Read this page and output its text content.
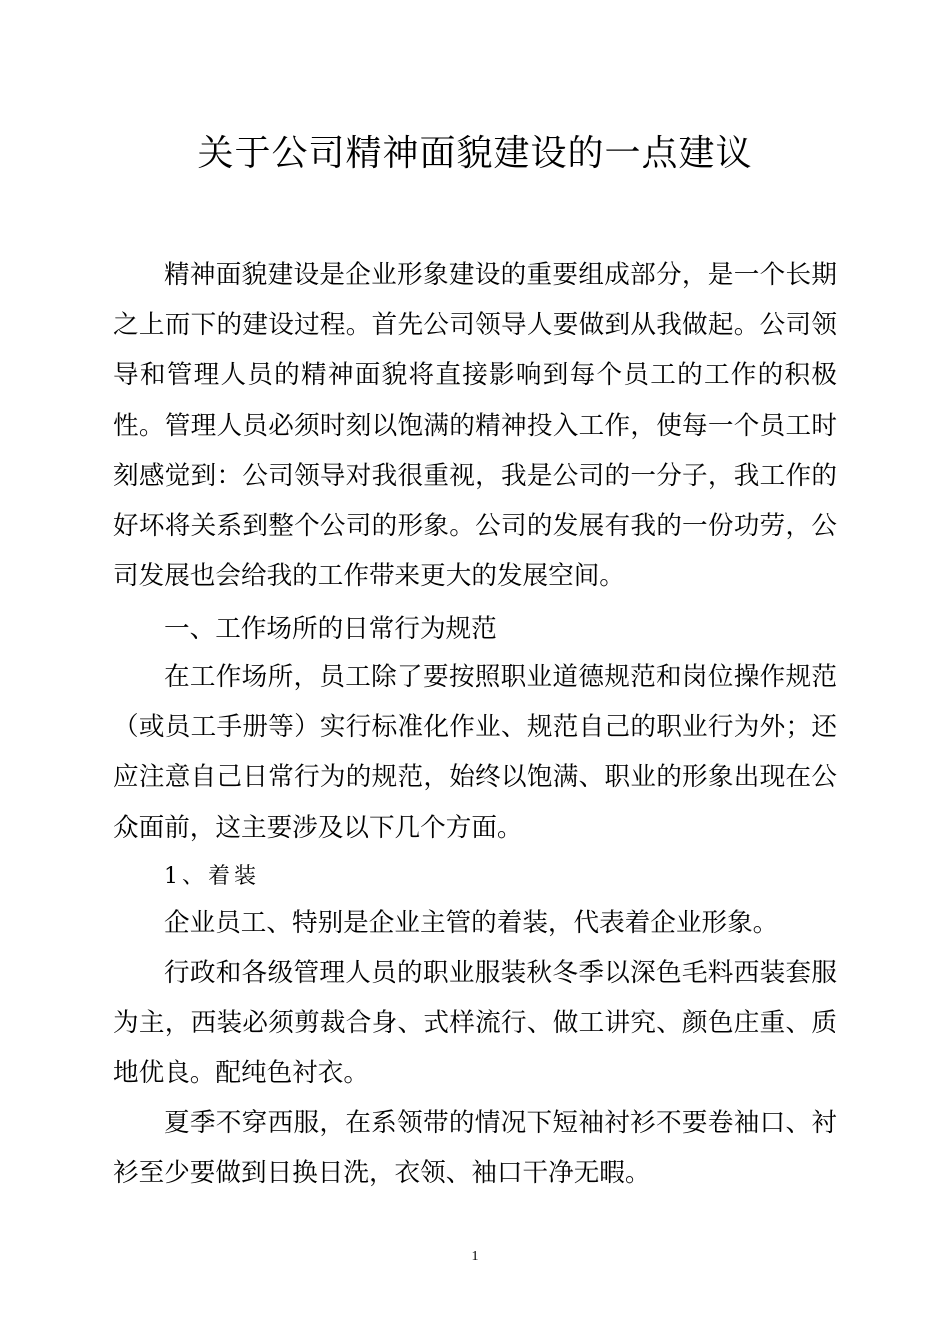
关于公司精神面貌建设的一点建议

精神面貌建设是企业形象建设的重要组成部分，是一个长期之上而下的建设过程。首先公司领导人要做到从我做起。公司领导和管理人员的精神面貌将直接影响到每个员工的工作的积极性。管理人员必须时刻以饱满的精神投入工作，使每一个员工时刻感觉到：公司领导对我很重视，我是公司的一分子，我工作的好坏将关系到整个公司的形象。公司的发展有我的一份功劳，公司发展也会给我的工作带来更大的发展空间。

一、工作场所的日常行为规范

在工作场所，员工除了要按照职业道德规范和岗位操作规范（或员工手册等）实行标准化作业、规范自己的职业行为外；还应注意自己日常行为的规范，始终以饱满、职业的形象出现在公众面前，这主要涉及以下几个方面。

1、着装

企业员工、特别是企业主管的着装，代表着企业形象。

行政和各级管理人员的职业服装秋冬季以深色毛料西装套服为主，西装必须剪裁合身、式样流行、做工讲究、颜色庄重、质地优良。配纯色衬衣。

夏季不穿西服，在系领带的情况下短袖衬衫不要卷袖口、衬衫至少要做到日换日洗，衣领、袖口干净无暇。

1
